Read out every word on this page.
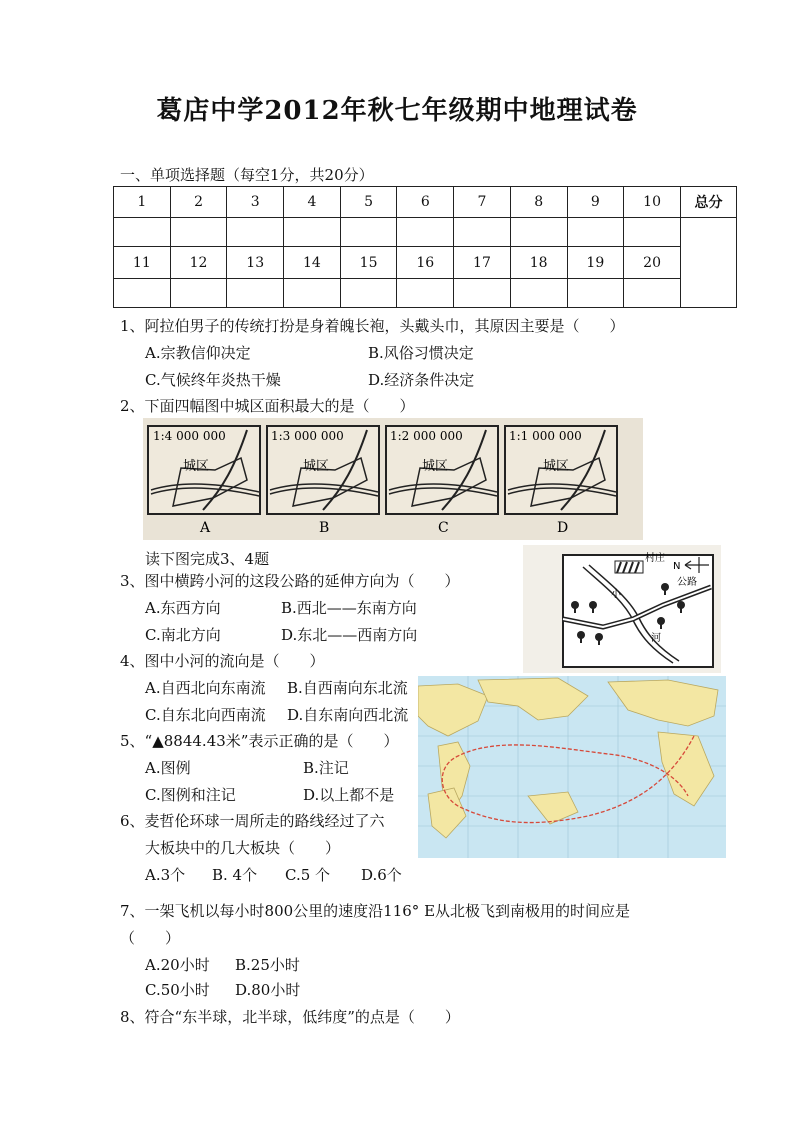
葛店中学2012年秋七年级期中地理试卷
一、单项选择题（每空1分，共20分）
1	2	3	4	5	6	7	8	9	10	总分

11	12	13	14	15	16	17	18	19	20	

1、阿拉伯男子的传统打扮是身着魄长袍，头戴头巾，其原因主要是（　　）
A.宗教信仰决定	B.风俗习惯决定
C.气候终年炎热干燥	D.经济条件决定
2、下面四幅图中城区面积最大的是（　　）
1:4 000 000
城区
A
1:3 000 000
城区
B
1:2 000 000
城区
C
1:1 000 000
城区
D
读下图完成3、4题	村庄
N
公路
小
河
3、图中横跨小河的这段公路的延伸方向为（　　）
A.东西方向	B.西北——东南方向
C.南北方向	D.东北——西南方向
4、图中小河的流向是（　　）
A.自西北向东南流 B.自西南向东北流
C.自东北向西南流 D.自东南向西北流
5、“▲8844.43米”表示正确的是（　　）
A.图例	B.注记
C.图例和注记	D.以上都不是
6、麦哲伦环球一周所走的路线经过了六
大板块中的几大板块（　　）
A.3个 B. 4个 C.5 个 D.6个
7、一架飞机以每小时800公里的速度沿116° E从北极飞到南极用的时间应是
（　　）
A.20小时 B.25小时
C.50小时 D.80小时
8、符合“东半球，北半球，低纬度”的点是（　　）
